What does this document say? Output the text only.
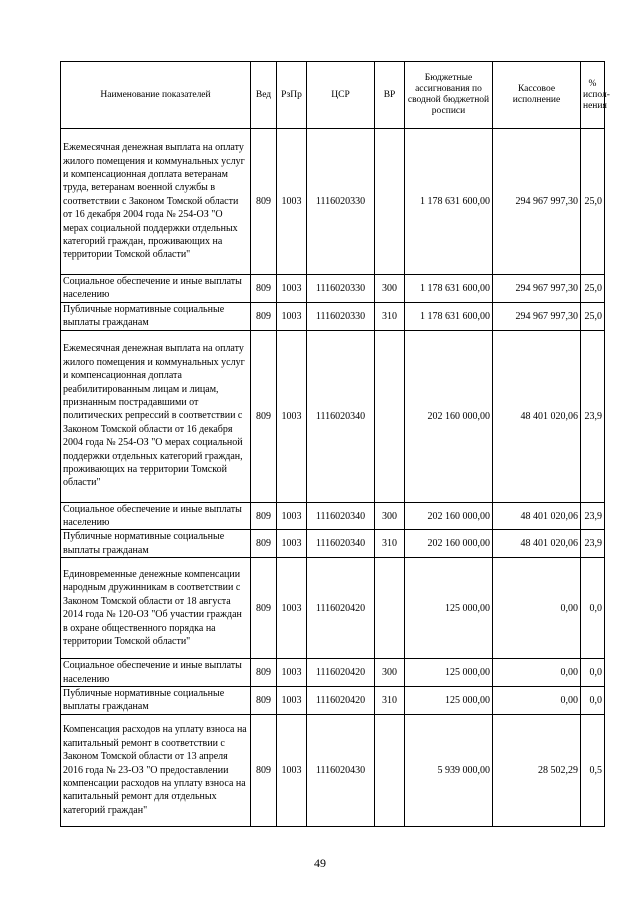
Наименование показателей	Вед	РзПр	ЦСР	ВР	Бюджетные ассигнования по сводной бюджетной росписи	Кассовое исполнение	% испол-нения
Ежемесячная денежная выплата на оплату жилого помещения и коммунальных услуг и компенсационная доплата ветеранам труда, ветеранам военной службы в соответствии с Законом Томской области от 16 декабря 2004 года № 254-ОЗ "О мерах социальной поддержки отдельных категорий граждан, проживающих на территории Томской области"	809	1003	1116020330		1 178 631 600,00	294 967 997,30	25,0
Социальное обеспечение и иные выплаты населению	809	1003	1116020330	300	1 178 631 600,00	294 967 997,30	25,0
Публичные нормативные социальные выплаты гражданам	809	1003	1116020330	310	1 178 631 600,00	294 967 997,30	25,0
Ежемесячная денежная выплата на оплату жилого помещения и коммунальных услуг и компенсационная доплата реабилитированным лицам и лицам, признанным пострадавшими от политических репрессий в соответствии с Законом Томской области от 16 декабря 2004 года № 254-ОЗ "О мерах социальной поддержки отдельных категорий граждан, проживающих на территории Томской области"	809	1003	1116020340		202 160 000,00	48 401 020,06	23,9
Социальное обеспечение и иные выплаты населению	809	1003	1116020340	300	202 160 000,00	48 401 020,06	23,9
Публичные нормативные социальные выплаты гражданам	809	1003	1116020340	310	202 160 000,00	48 401 020,06	23,9
Единовременные денежные компенсации народным дружинникам в соответствии с Законом Томской области от 18 августа 2014 года № 120-ОЗ "Об участии граждан в охране общественного порядка на территории Томской области"	809	1003	1116020420		125 000,00	0,00	0,0
Социальное обеспечение и иные выплаты населению	809	1003	1116020420	300	125 000,00	0,00	0,0
Публичные нормативные социальные выплаты гражданам	809	1003	1116020420	310	125 000,00	0,00	0,0
Компенсация расходов на уплату взноса на капитальный ремонт в соответствии с Законом Томской области от 13 апреля 2016 года № 23-ОЗ "О предоставлении компенсации расходов на уплату взноса на капитальный ремонт для отдельных категорий граждан"	809	1003	1116020430		5 939 000,00	28 502,29	0,5
49
